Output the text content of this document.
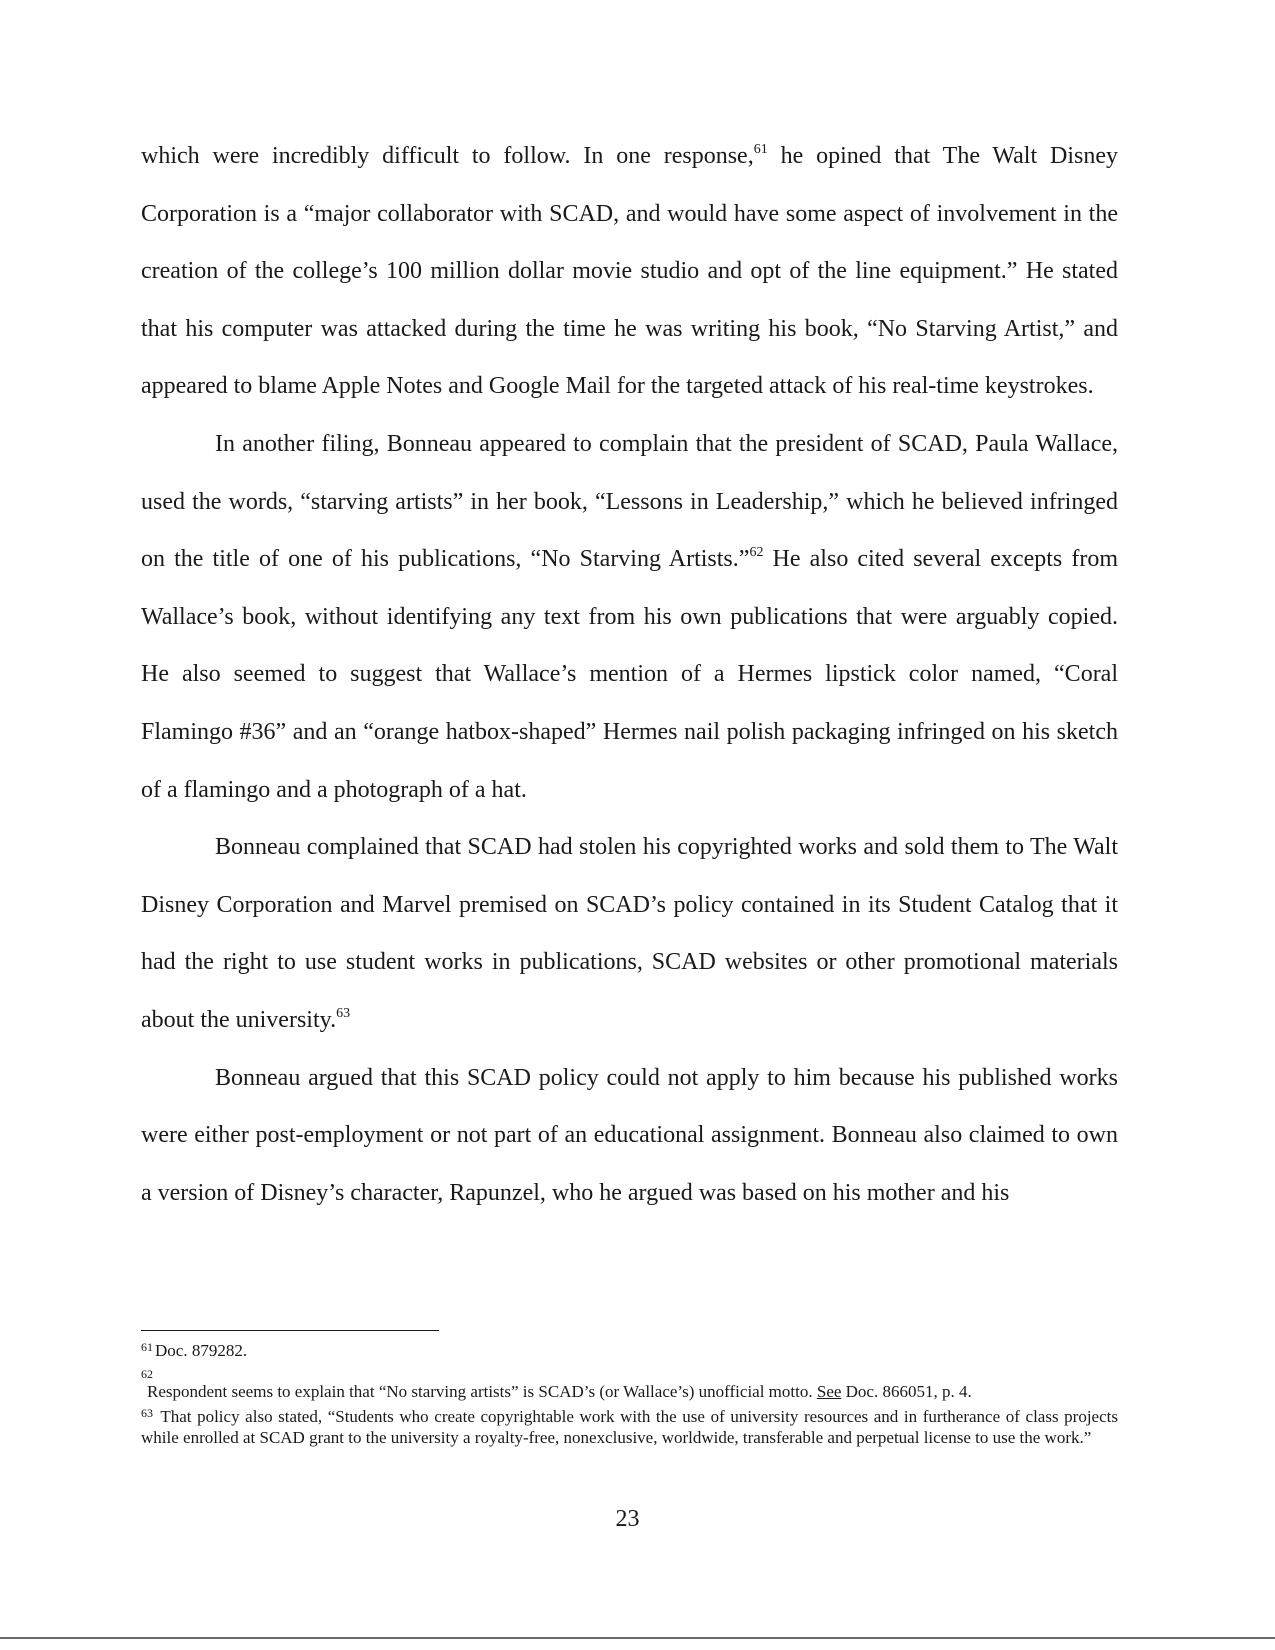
which were incredibly difficult to follow. In one response,$^{61}$ he opined that The Walt Disney Corporation is a “major collaborator with SCAD, and would have some aspect of involvement in the creation of the college’s 100 million dollar movie studio and opt of the line equipment.” He stated that his computer was attacked during the time he was writing his book, “No Starving Artist,” and appeared to blame Apple Notes and Google Mail for the targeted attack of his real-time keystrokes.

In another filing, Bonneau appeared to complain that the president of SCAD, Paula Wallace, used the words, “starving artists” in her book, “Lessons in Leadership,” which he believed infringed on the title of one of his publications, “No Starving Artists.”$^{62}$ He also cited several excepts from Wallace’s book, without identifying any text from his own publications that were arguably copied. He also seemed to suggest that Wallace’s mention of a Hermes lipstick color named, “Coral Flamingo #36” and an “orange hatbox-shaped” Hermes nail polish packaging infringed on his sketch of a flamingo and a photograph of a hat.

Bonneau complained that SCAD had stolen his copyrighted works and sold them to The Walt Disney Corporation and Marvel premised on SCAD’s policy contained in its Student Catalog that it had the right to use student works in publications, SCAD websites or other promotional materials about the university.$^{63}$

Bonneau argued that this SCAD policy could not apply to him because his published works were either post-employment or not part of an educational assignment. Bonneau also claimed to own a version of Disney’s character, Rapunzel, who he argued was based on his mother and his

$^{61}$ Doc. 879282.

62
Respondent seems to explain that “No starving artists” is SCAD’s (or Wallace’s) unofficial motto. See Doc. 866051, p. 4.

$^{63}$ That policy also stated, “Students who create copyrightable work with the use of university resources and in furtherance of class projects while enrolled at SCAD grant to the university a royalty-free, nonexclusive, worldwide, transferable and perpetual license to use the work.”

23
